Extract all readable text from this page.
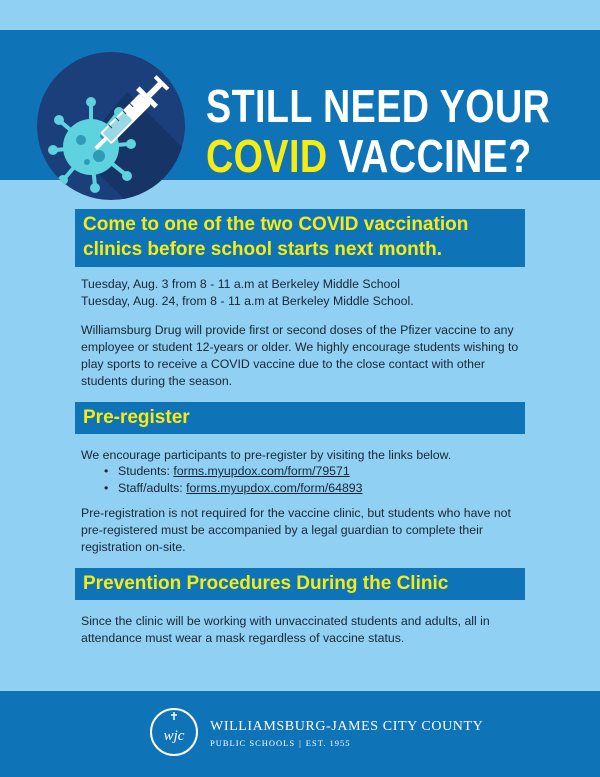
STILL NEED YOUR
COVID VACCINE?
Come to one of the two COVID vaccination clinics before school starts next month.
Tuesday, Aug. 3 from 8 - 11 a.m at Berkeley Middle School
Tuesday, Aug. 24, from 8 - 11 a.m at Berkeley Middle School.
Williamsburg Drug will provide first or second doses of the Pfizer vaccine to any employee or student 12-years or older. We highly encourage students wishing to play sports to receive a COVID vaccine due to the close contact with other students during the season.
Pre-register
We encourage participants to pre-register by visiting the links below.
• Students: forms.myupdox.com/form/79571
• Staff/adults: forms.myupdox.com/form/64893
Pre-registration is not required for the vaccine clinic, but students who have not pre-registered must be accompanied by a legal guardian to complete their registration on-site.
Prevention Procedures During the Clinic
Since the clinic will be working with unvaccinated students and adults, all in attendance must wear a mask regardless of vaccine status.
wjc
WILLIAMSBURG-JAMES CITY COUNTY
PUBLIC SCHOOLS | EST. 1955
